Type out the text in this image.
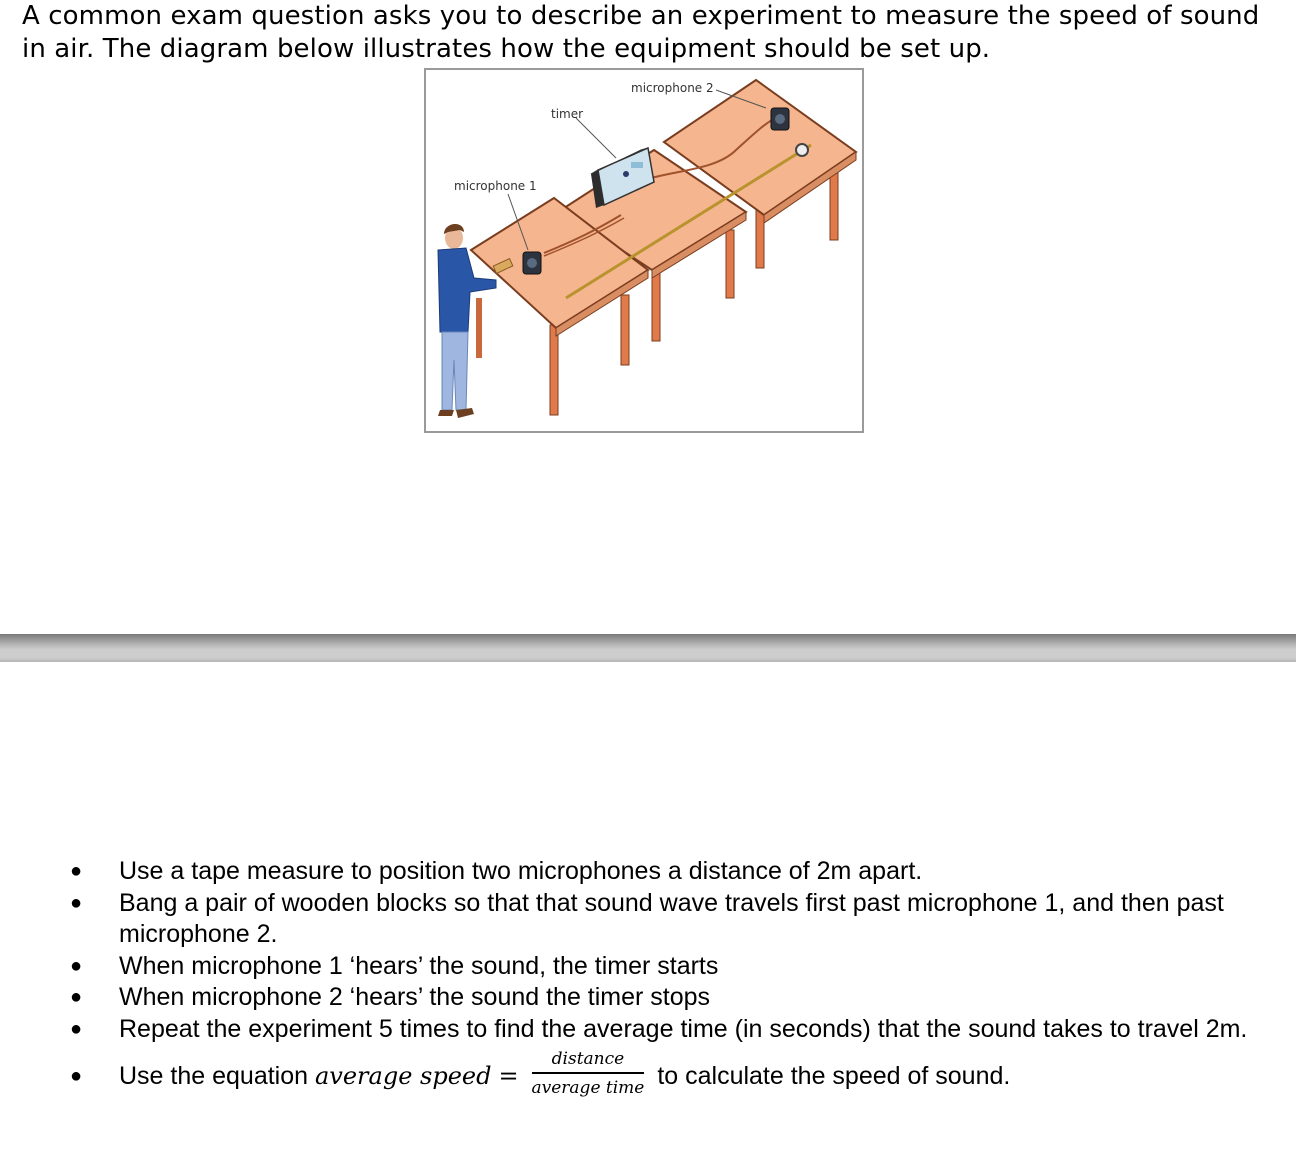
A common exam question asks you to describe an experiment to measure the speed of sound in air. The diagram below illustrates how the equipment should be set up.

microphone 2
timer
microphone 1
● Use a tape measure to position two microphones a distance of 2m apart.
● Bang a pair of wooden blocks so that that sound wave travels first past microphone 1, and then past microphone 2.
● When microphone 1 ‘hears’ the sound, the timer starts
● When microphone 2 ‘hears’ the sound the timer stops
● Repeat the experiment 5 times to find the average time (in seconds) that the sound takes to travel 2m.
● Use the equation average speed = $\frac{\text{distance}}{\text{average time}}$ to calculate the speed of sound.
